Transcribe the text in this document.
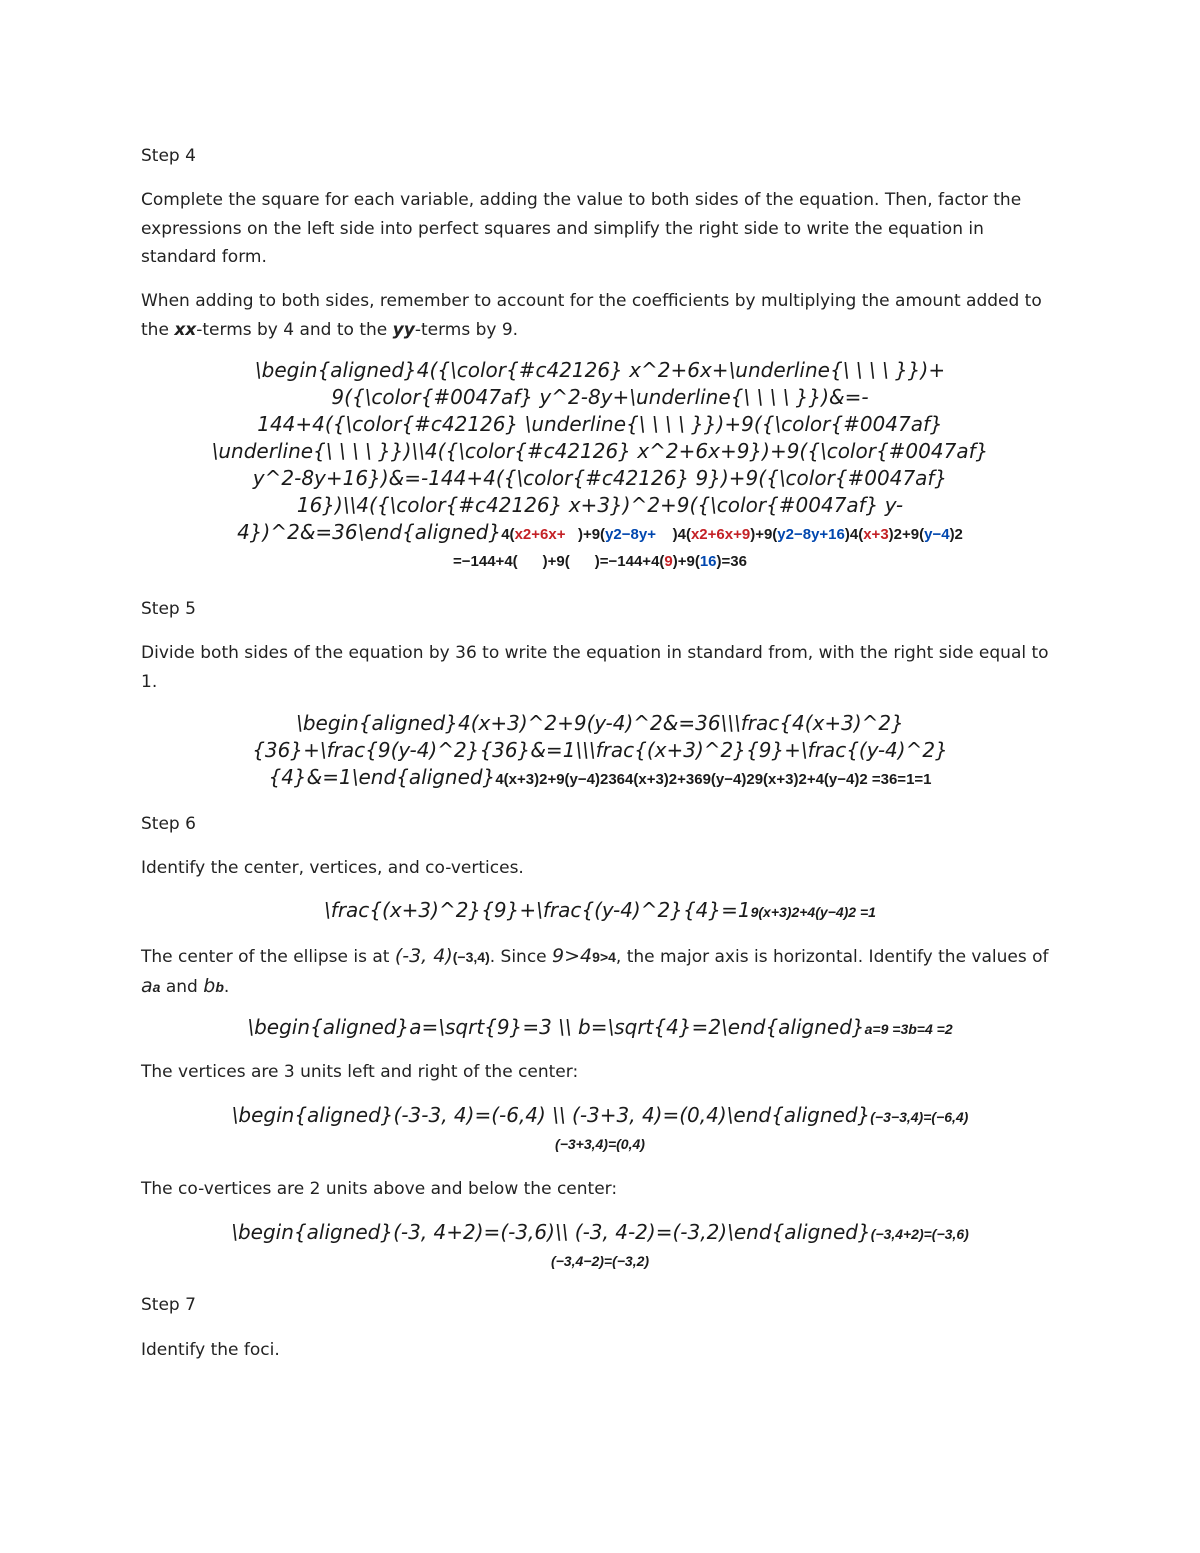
Step 4
Complete the square for each variable, adding the value to both sides of the equation. Then, factor the expressions on the left side into perfect squares and simplify the right side to write the equation in standard form.
When adding to both sides, remember to account for the coefficients by multiplying the amount added to the xx-terms by 4 and to the yy-terms by 9.
\begin{aligned}4({\color{#c42126} x^2+6x+\underline{\ \ \ \ }})+
9({\color{#0047af} y^2-8y+\underline{\ \ \ \ }})&=-
144+4({\color{#c42126} \underline{\ \ \ \ }})+9({\color{#0047af}
\underline{\ \ \ \ }})\\4({\color{#c42126} x^2+6x+9})+9({\color{#0047af}
y^2-8y+16})&=-144+4({\color{#c42126} 9})+9({\color{#0047af}
16})\\4({\color{#c42126} x+3})^2+9({\color{#0047af} y-
4})^2&=36\end{aligned}4(x2+6x+   )+9(y2−8y+    )4(x2+6x+9)+9(y2−8y+16)4(x+3)2+9(y−4)2
=−144+4(      )+9(      )=−144+4(9)+9(16)=36
Step 5
Divide both sides of the equation by 36 to write the equation in standard from, with the right side equal to 1.
\begin{aligned}4(x+3)^2+9(y-4)^2&=36\\\frac{4(x+3)^2}
{36}+\frac{9(y-4)^2}{36}&=1\\\frac{(x+3)^2}{9}+\frac{(y-4)^2}
{4}&=1\end{aligned}4(x+3)2+9(y−4)2364(x+3)2+369(y−4)29(x+3)2+4(y−4)2 =36=1=1
Step 6
Identify the center, vertices, and co-vertices.
\frac{(x+3)^2}{9}+\frac{(y-4)^2}{4}=19(x+3)2+4(y−4)2 =1
The center of the ellipse is at (-3, 4)(−3,4). Since 9>49>4, the major axis is horizontal. Identify the values of aa and bb.
\begin{aligned}a=\sqrt{9}=3 \\ b=\sqrt{4}=2\end{aligned}a=9 =3b=4 =2
The vertices are 3 units left and right of the center:
\begin{aligned}(-3-3, 4)=(-6,4) \\ (-3+3, 4)=(0,4)\end{aligned}(−3−3,4)=(−6,4)
(−3+3,4)=(0,4)
The co-vertices are 2 units above and below the center:
\begin{aligned}(-3, 4+2)=(-3,6)\\ (-3, 4-2)=(-3,2)\end{aligned}(−3,4+2)=(−3,6)
(−3,4−2)=(−3,2)
Step 7
Identify the foci.
